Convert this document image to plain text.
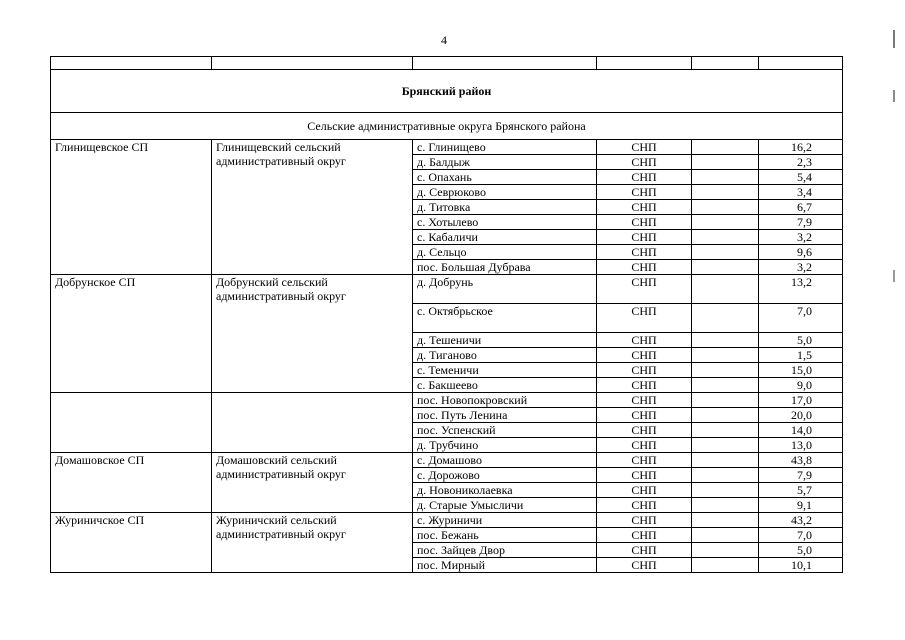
4

Брянский район					
Сельские административные округа Брянского района					
Глинищевское СП	Глинищевский сельский административный округ	с. Глинищево	СНП		16,2
		д. Балдыж	СНП		2,3
		с. Опахань	СНП		5,4
		д. Севрюково	СНП		3,4
		д. Титовка	СНП		6,7
		с. Хотылево	СНП		7,9
		с. Кабаличи	СНП		3,2
		д. Сельцо	СНП		9,6
		пос. Большая Дубрава	СНП		3,2
Добрунское СП	Добрунский сельский административный округ	д. Добрунь	СНП		13,2
		с. Октябрьское	СНП		7,0
		д. Тешеничи	СНП		5,0
		д. Тиганово	СНП		1,5
		с. Теменичи	СНП		15,0
		с. Бакшеево	СНП		9,0
		пос. Новопокровский	СНП		17,0
		пос. Путь Ленина	СНП		20,0
		пос. Успенский	СНП		14,0
		д. Трубчино	СНП		13,0
Домашовское СП	Домашовский сельский административный округ	с. Домашово	СНП		43,8
		с. Дорожово	СНП		7,9
		д. Новониколаевка	СНП		5,7
		д. Старые Умысличи	СНП		9,1
Журиничское СП	Журиничский сельский административный округ	с. Журиничи	СНП		43,2
		пос. Бежань	СНП		7,0
		пос. Зайцев Двор	СНП		5,0
		пос. Мирный	СНП		10,1
